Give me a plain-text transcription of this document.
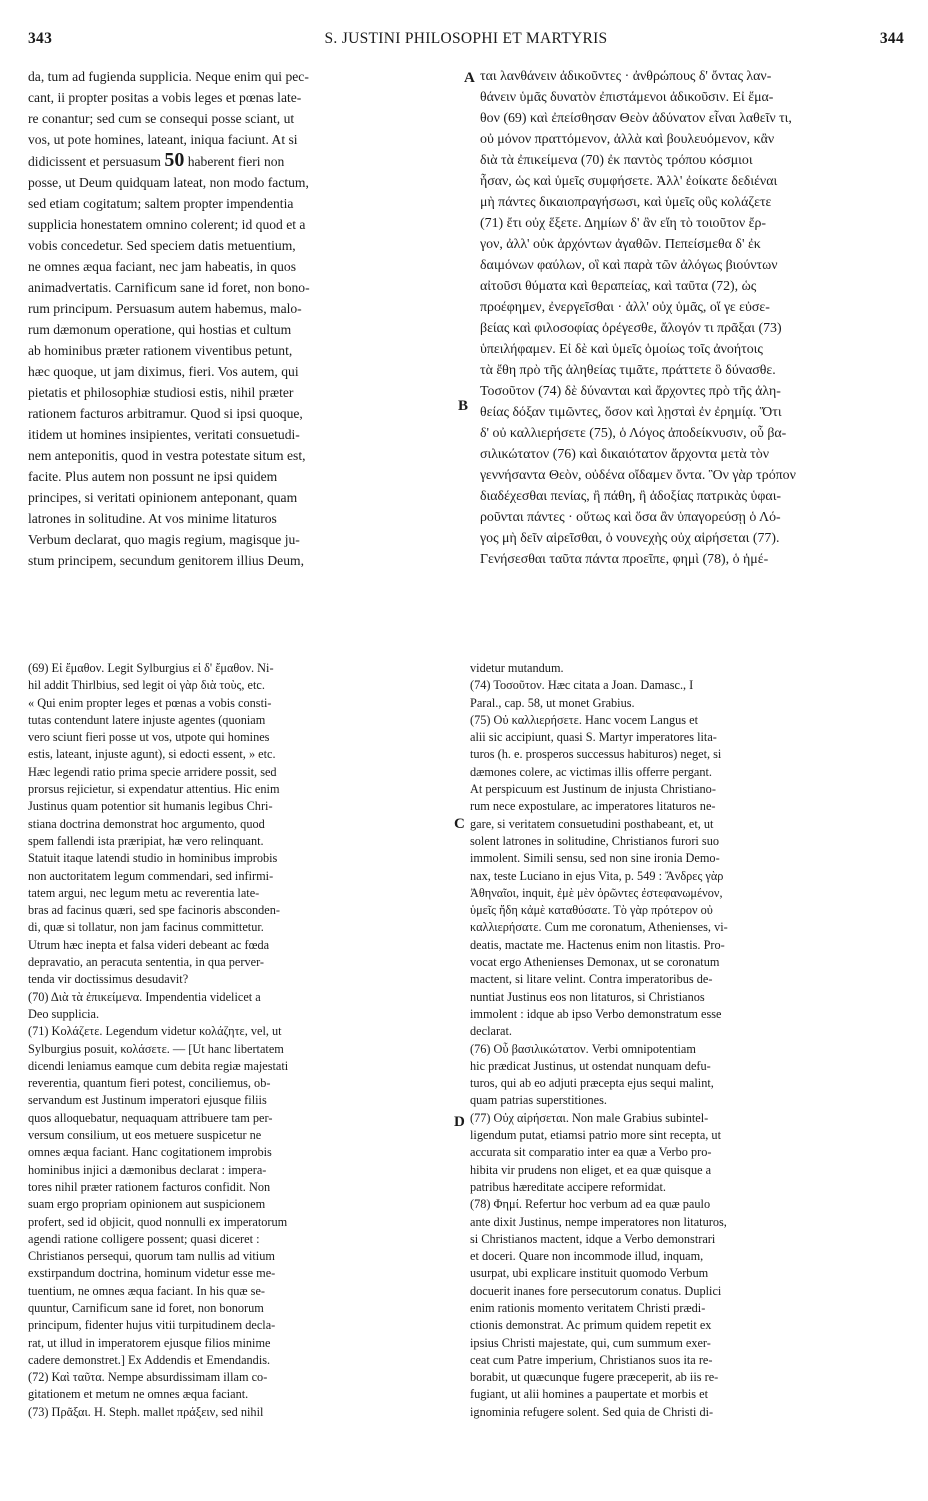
343	S. JUSTINI PHILOSOPHI ET MARTYRIS	344
da, tum ad fugienda supplicia. Neque enim qui pec-
cant, ii propter positas a vobis leges et pœnas late-
re conantur; sed cum se consequi posse sciant, ut
vos, ut pote homines, lateant, iniqua faciunt. At si
didicissent et persuasum 50 haberent fieri non
posse, ut Deum quidquam lateat, non modo factum,
sed etiam cogitatum; saltem propter impendentia
supplicia honestatem omnino colerent; id quod et a
vobis concedetur. Sed speciem datis metuentium,
ne omnes æqua faciant, nec jam habeatis, in quos
animadvertatis. Carnificum sane id foret, non bono-
rum principum. Persuasum autem habemus, malo-
rum dæmonum operatione, qui hostias et cultum
ab hominibus præter rationem viventibus petunt,
hæc quoque, ut jam diximus, fieri. Vos autem, qui
pietatis et philosophiæ studiosi estis, nihil præter
rationem facturos arbitramur. Quod si ipsi quoque,
itidem ut homines insipientes, veritati consuetudi-
nem anteponitis, quod in vestra potestate situm est,
facite. Plus autem non possunt ne ipsi quidem
principes, si veritati opinionem anteponant, quam
latrones in solitudine. At vos minime litaturos
Verbum declarat, quo magis regium, magisque ju-
stum principem, secundum genitorem illius Deum,
A
B
C
D
ται λανθάνειν ἀδικοῦντες · ἀνθρώπους δ' ὄντας λαν-
θάνειν ὑμᾶς δυνατὸν ἐπιστάμενοι ἀδικοῦσιν. Εἰ ἔμα-
θον (69) καὶ ἐπείσθησαν Θεὸν ἀδύνατον εἶναι λαθεῖν τι,
οὐ μόνον πραττόμενον, ἀλλὰ καὶ βουλευόμενον, κἂν
διὰ τὰ ἐπικείμενα (70) ἐκ παντὸς τρόπου κόσμιοι
ἦσαν, ὡς καὶ ὑμεῖς συμφήσετε. Ἀλλ' ἐοίκατε δεδιέναι
μὴ πάντες δικαιοπραγήσωσι, καὶ ὑμεῖς οὓς κολάζετε
(71) ἔτι οὐχ ἕξετε. Δημίων δ' ἂν εἴη τὸ τοιοῦτον ἔρ-
γον, ἀλλ' οὐκ ἀρχόντων ἀγαθῶν. Πεπείσμεθα δ' ἐκ
δαιμόνων φαύλων, οἳ καὶ παρὰ τῶν ἀλόγως βιούντων
αἰτοῦσι θύματα καὶ θεραπείας, καὶ ταῦτα (72), ὡς
προέφημεν, ἐνεργεῖσθαι · ἀλλ' οὐχ ὑμᾶς, οἵ γε εὐσε-
βείας καὶ φιλοσοφίας ὀρέγεσθε, ἄλογόν τι πρᾶξαι (73)
ὑπειλήφαμεν. Εἰ δὲ καὶ ὑμεῖς ὁμοίως τοῖς ἀνοήτοις
τὰ ἔθη πρὸ τῆς ἀληθείας τιμᾶτε, πράττετε ὃ δύνασθε.
Τοσοῦτον (74) δὲ δύνανται καὶ ἄρχοντες πρὸ τῆς ἀλη-
θείας δόξαν τιμῶντες, ὅσον καὶ λῃσταὶ ἐν ἐρημίᾳ. Ὅτι
δ' οὐ καλλιερήσετε (75), ὁ Λόγος ἀποδείκνυσιν, οὗ βα-
σιλικώτατον (76) καὶ δικαιότατον ἄρχοντα μετὰ τὸν
γεννήσαντα Θεὸν, οὐδένα οἴδαμεν ὄντα. Ὃν γὰρ τρόπον
διαδέχεσθαι πενίας, ἢ πάθη, ἢ ἀδοξίας πατρικὰς ὑφαι-
ροῦνται πάντες · οὕτως καὶ ὅσα ἂν ὑπαγορεύσῃ ὁ Λό-
γος μὴ δεῖν αἱρεῖσθαι, ὁ νουνεχὴς οὐχ αἱρήσεται (77).
Γενήσεσθαι ταῦτα πάντα προεῖπε, φημὶ (78), ὁ ἡμέ-
(69) Εἰ ἔμαθον. Legit Sylburgius εἰ δ' ἔμαθον. Ni-
hil addit Thirlbius, sed legit οἱ γὰρ διὰ τοὺς, etc.
« Qui enim propter leges et pœnas a vobis consti-
tutas contendunt latere injuste agentes (quoniam
vero sciunt fieri posse ut vos, utpote qui homines
estis, lateant, injuste agunt), si edocti essent, » etc.
Hæc legendi ratio prima specie arridere possit, sed
prorsus rejicietur, si expendatur attentius. Hic enim
Justinus quam potentior sit humanis legibus Chri-
stiana doctrina demonstrat hoc argumento, quod
spem fallendi ista præripiat, hæ vero relinquant.
Statuit itaque latendi studio in hominibus improbis
non auctoritatem legum commendari, sed infirmi-
tatem argui, nec legum metu ac reverentia late-
bras ad facinus quæri, sed spe facinoris absconden-
di, quæ si tollatur, non jam facinus committetur.
Utrum hæc inepta et falsa videri debeant ac fœda
depravatio, an peracuta sententia, in qua perver-
tenda vir doctissimus desudavit?
(70) Διὰ τὰ ἐπικείμενα. Impendentia videlicet a
Deo supplicia.
(71) Κολάζετε. Legendum videtur κολάζητε, vel, ut
Sylburgius posuit, κολάσετε. — [Ut hanc libertatem
dicendi leniamus eamque cum debita regiæ majestati
reverentia, quantum fieri potest, conciliemus, ob-
servandum est Justinum imperatori ejusque filiis
quos alloquebatur, nequaquam attribuere tam per-
versum consilium, ut eos metuere suspicetur ne
omnes æqua faciant. Hanc cogitationem improbis
hominibus injici a dæmonibus declarat : impera-
tores nihil præter rationem facturos confidit. Non
suam ergo propriam opinionem aut suspicionem
profert, sed id objicit, quod nonnulli ex imperatorum
agendi ratione colligere possent; quasi diceret :
Christianos persequi, quorum tam nullis ad vitium
exstirpandum doctrina, hominum videtur esse me-
tuentium, ne omnes æqua faciant. In his quæ se-
quuntur, Carnificum sane id foret, non bonorum
principum, fidenter hujus vitii turpitudinem decla-
rat, ut illud in imperatorem ejusque filios minime
cadere demonstret.] Ex Addendis et Emendandis.
(72) Καὶ ταῦτα. Nempe absurdissimam illam co-
gitationem et metum ne omnes æqua faciant.
(73) Πρᾶξαι. H. Steph. mallet πράξειν, sed nihil
videtur mutandum.
(74) Τοσοῦτον. Hæc citata a Joan. Damasc., I
Paral., cap. 58, ut monet Grabius.
(75) Οὐ καλλιερήσετε. Hanc vocem Langus et
alii sic accipiunt, quasi S. Martyr imperatores lita-
turos (h. e. prosperos successus habituros) neget, si
dæmones colere, ac victimas illis offerre pergant.
At perspicuum est Justinum de injusta Christiano-
rum nece expostulare, ac imperatores litaturos ne-
gare, si veritatem consuetudini posthabeant, et, ut
solent latrones in solitudine, Christianos furori suo
immolent. Simili sensu, sed non sine ironia Demo-
nax, teste Luciano in ejus Vita, p. 549 : Ἄνδρες γὰρ
Ἀθηναῖοι, inquit, ἐμὲ μὲν ὁρῶντες ἐστεφανωμένον,
ὑμεῖς ἤδη κἀμὲ καταθύσατε. Τὸ γὰρ πρότερον οὐ
καλλιερήσατε. Cum me coronatum, Athenienses, vi-
deatis, mactate me. Hactenus enim non litastis. Pro-
vocat ergo Athenienses Demonax, ut se coronatum
mactent, si litare velint. Contra imperatoribus de-
nuntiat Justinus eos non litaturos, si Christianos
immolent : idque ab ipso Verbo demonstratum esse
declarat.
(76) Οὗ βασιλικώτατον. Verbi omnipotentiam
hic prædicat Justinus, ut ostendat nunquam defu-
turos, qui ab eo adjuti præcepta ejus sequi malint,
quam patrias superstitiones.
(77) Οὐχ αἱρήσεται. Non male Grabius subintel-
ligendum putat, etiamsi patrio more sint recepta, ut
accurata sit comparatio inter ea quæ a Verbo pro-
hibita vir prudens non eliget, et ea quæ quisque a
patribus hæreditate accipere reformidat.
(78) Φημί. Refertur hoc verbum ad ea quæ paulo
ante dixit Justinus, nempe imperatores non litaturos,
si Christianos mactent, idque a Verbo demonstrari
et doceri. Quare non incommode illud, inquam,
usurpat, ubi explicare instituit quomodo Verbum
docuerit inanes fore persecutorum conatus. Duplici
enim rationis momento veritatem Christi prædi-
ctionis demonstrat. Ac primum quidem repetit ex
ipsius Christi majestate, qui, cum summum exer-
ceat cum Patre imperium, Christianos suos ita re-
borabit, ut quæcunque fugere præceperit, ab iis re-
fugiant, ut alii homines a paupertate et morbis et
ignominia refugere solent. Sed quia de Christi di-
